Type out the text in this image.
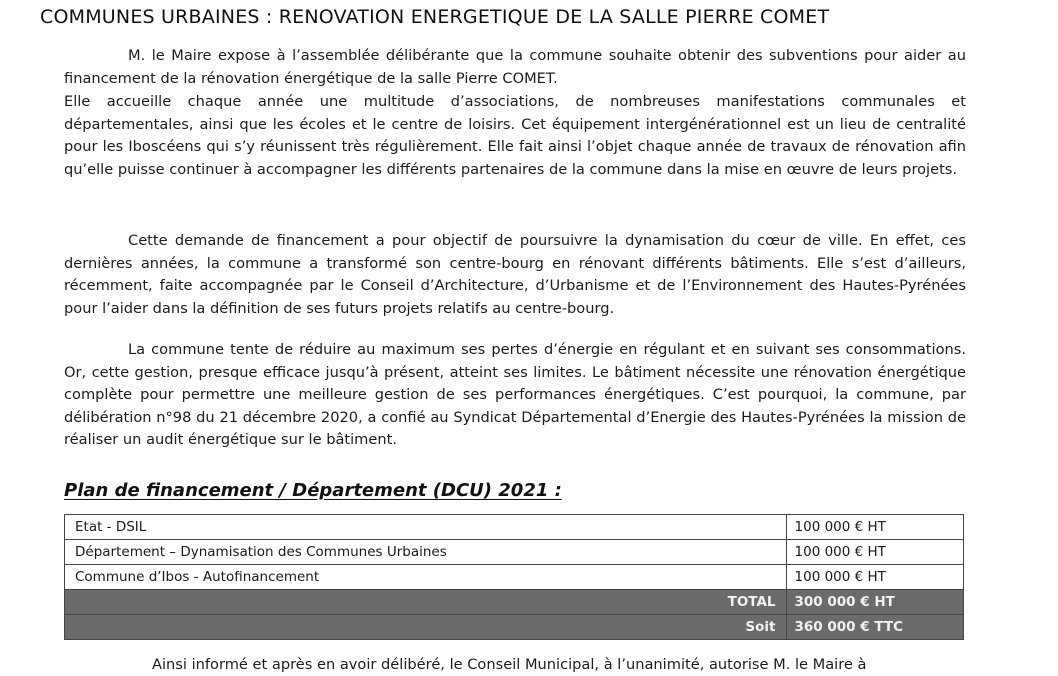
COMMUNES URBAINES : RENOVATION ENERGETIQUE DE LA SALLE PIERRE COMET

M. le Maire expose à l’assemblée délibérante que la commune souhaite obtenir des subventions pour aider au financement de la rénovation énergétique de la salle Pierre COMET.

Elle accueille chaque année une multitude d’associations, de nombreuses manifestations communales et départementales, ainsi que les écoles et le centre de loisirs. Cet équipement intergénérationnel est un lieu de centralité pour les Iboscéens qui s’y réunissent très régulièrement. Elle fait ainsi l’objet chaque année de travaux de rénovation afin qu’elle puisse continuer à accompagner les différents partenaires de la commune dans la mise en œuvre de leurs projets.

Cette demande de financement a pour objectif de poursuivre la dynamisation du cœur de ville. En effet, ces dernières années, la commune a transformé son centre-bourg en rénovant différents bâtiments. Elle s’est d’ailleurs, récemment, faite accompagnée par le Conseil d’Architecture, d’Urbanisme et de l’Environnement des Hautes-Pyrénées pour l’aider dans la définition de ses futurs projets relatifs au centre-bourg.

La commune tente de réduire au maximum ses pertes d’énergie en régulant et en suivant ses consommations. Or, cette gestion, presque efficace jusqu’à présent, atteint ses limites. Le bâtiment nécessite une rénovation énergétique complète pour permettre une meilleure gestion de ses performances énergétiques. C’est pourquoi, la commune, par délibération n°98 du 21 décembre 2020, a confié au Syndicat Départemental d’Energie des Hautes-Pyrénées la mission de réaliser un audit énergétique sur le bâtiment.

Plan de financement / Département (DCU) 2021 :
Etat - DSIL	100 000 € HT
Département – Dynamisation des Communes Urbaines	100 000 € HT
Commune d’Ibos - Autofinancement	100 000 € HT
TOTAL	300 000 € HT
Soit	360 000 € TTC
Ainsi informé et après en avoir délibéré, le Conseil Municipal, à l’unanimité, autorise M. le Maire à
